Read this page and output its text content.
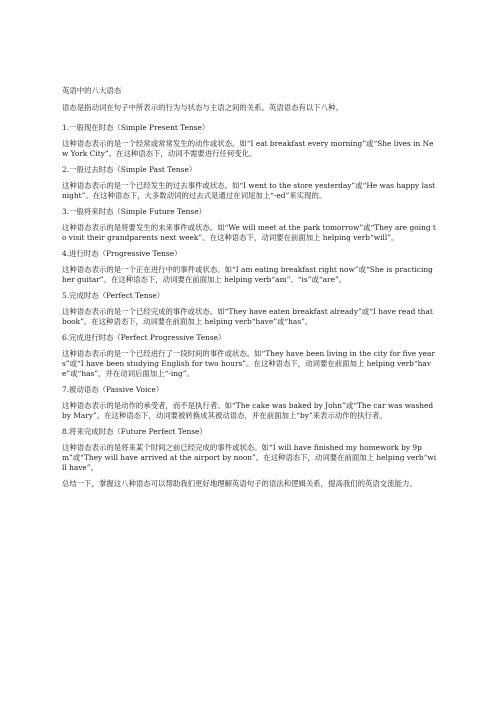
英语中的八大语态

语态是指动词在句子中所表示的行为与状态与主语之间的关系。英语语态有以下八种。

1.一般现在时态（Simple Present Tense）

这种语态表示的是一个经常或常常发生的动作或状态。如“I eat breakfast every morning”或“She lives in New York City”。在这种语态下，动词不需要进行任何变化。

2.一般过去时态（Simple Past Tense）

这种语态表示的是一个已经发生的过去事件或状态。如“I went to the store yesterday”或“He was happy last night”。在这种语态下，大多数动词的过去式是通过在词尾加上“-ed”来实现的。

3.一般将来时态（Simple Future Tense）

这种语态表示的是将要发生的未来事件或状态。如“We will meet at the park tomorrow”或“They are going to visit their grandparents next week”。在这种语态下，动词要在前面加上 helping verb“will”。

4.进行时态（Progressive Tense）

这种语态表示的是一个正在进行中的事件或状态。如“I am eating breakfast right now”或“She is practicing her guitar”。在这种语态下，动词要在前面加上 helping verb“am”、“is”或“are”。

5.完成时态（Perfect Tense）

这种语态表示的是一个已经完成的事件或状态。如“They have eaten breakfast already”或“I have read that book”。在这种语态下，动词要在前面加上 helping verb“have”或“has”。

6.完成进行时态（Perfect Progressive Tense）

这种语态表示的是一个已经进行了一段时间的事件或状态。如“They have been living in the city for five years”或“I have been studying English for two hours”。在这种语态下，动词要在前面加上 helping verb“have”或“has”，并在动词后面加上“-ing”。

7.被动语态（Passive Voice）

这种语态表示的是动作的承受者，而不是执行者。如“The cake was baked by John”或“The car was washed by Mary”。在这种语态下，动词要被转换成其被动语态，并在前面加上“by”来表示动作的执行者。

8.将来完成时态（Future Perfect Tense）

这种语态表示的是将来某个时间之前已经完成的事件或状态。如“I will have finished my homework by 9pm”或“They will have arrived at the airport by noon”。在这种语态下，动词要在前面加上 helping verb“will have”。

总结一下，掌握这八种语态可以帮助我们更好地理解英语句子的语法和逻辑关系，提高我们的英语交流能力。
